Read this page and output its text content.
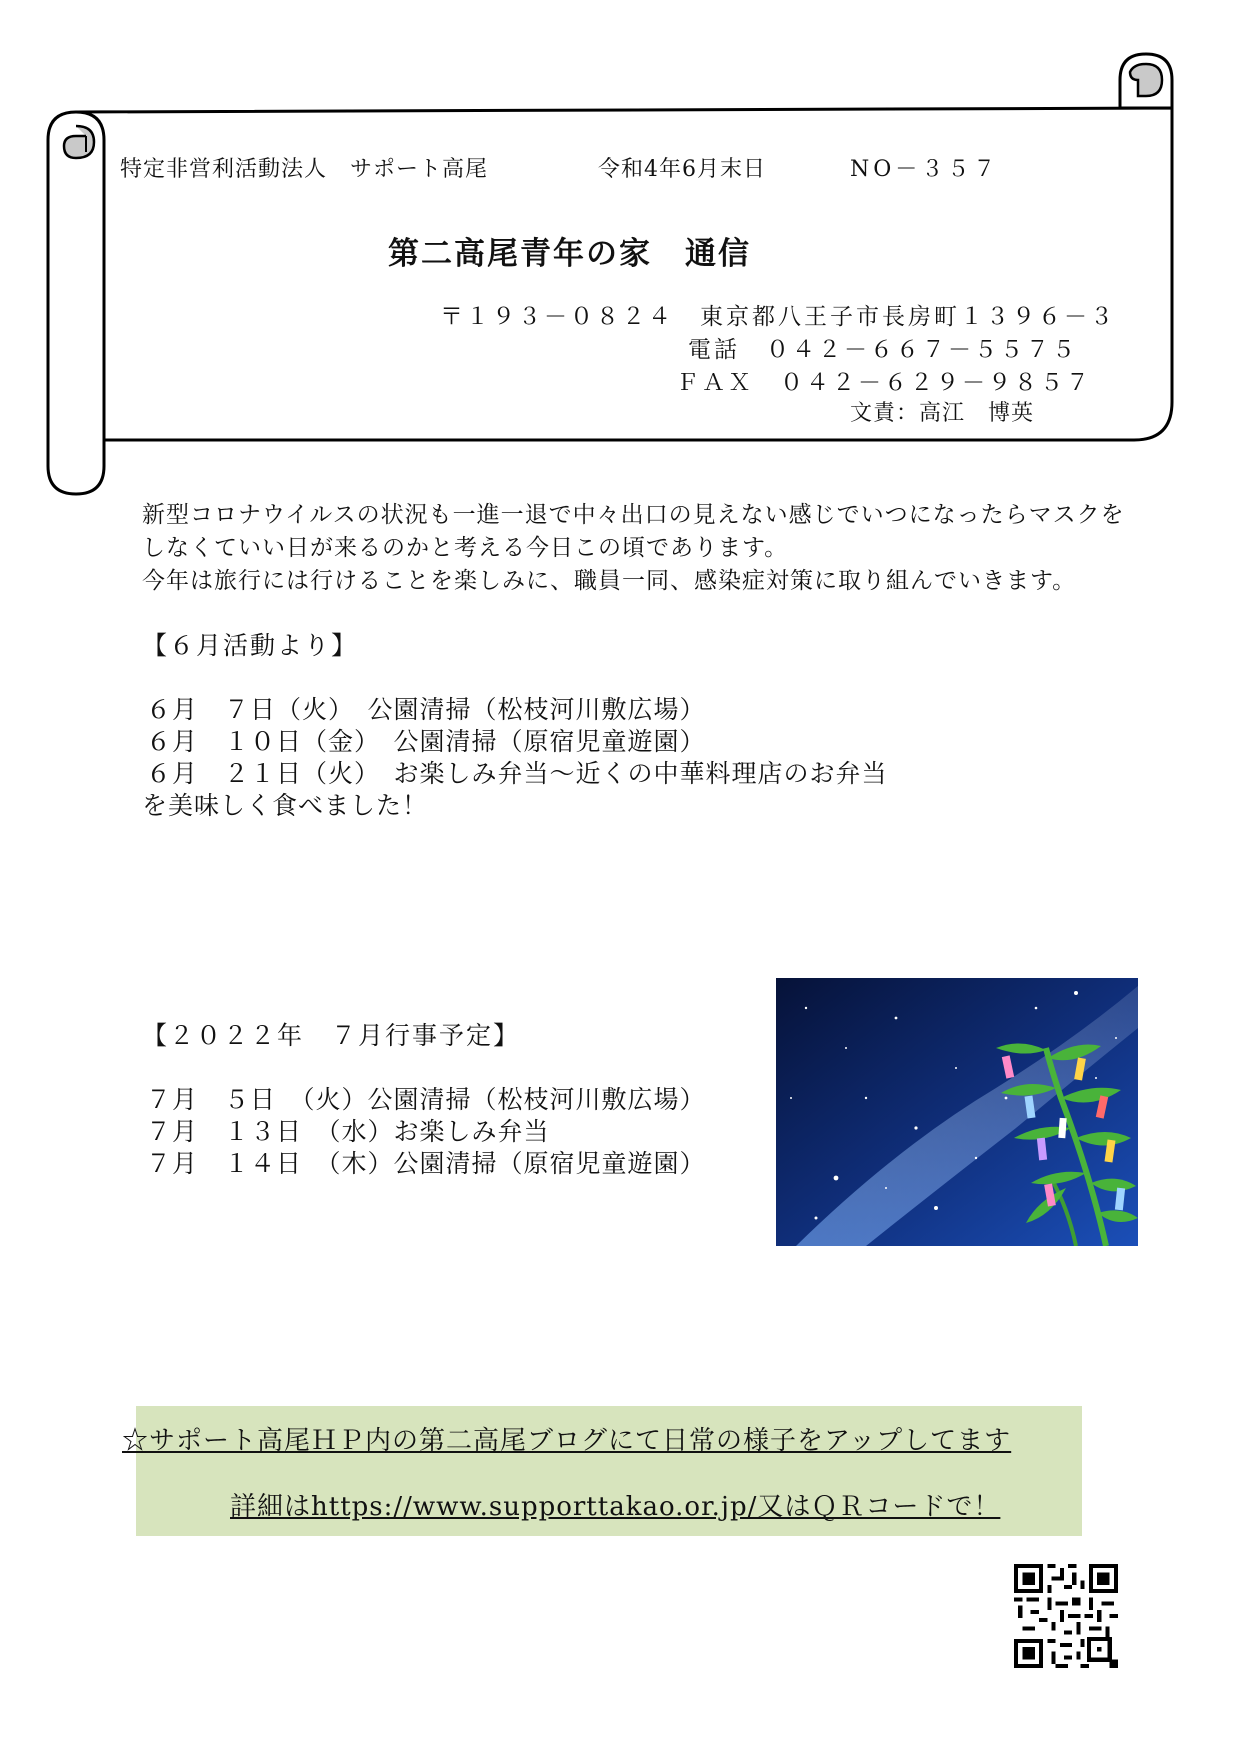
特定非営利活動法人　サポート高尾	令和4年6月末日	NO－３５７
第二高尾青年の家　通信
〒１９３－０８２４　東京都八王子市長房町１３９６－３
電話　０４２－６６７－５５７５
ＦＡＸ　０４２－６２９－９８５７
文責：高江　博英
新型コロナウイルスの状況も一進一退で中々出口の見えない感じでいつになったらマスクを
しなくていい日が来るのかと考える今日この頃であります。
今年は旅行には行けることを楽しみに、職員一同、感染症対策に取り組んでいきます。
【６月活動より】
６月　７日（火）　公園清掃（松枝河川敷広場）
６月　１０日（金）　公園清掃（原宿児童遊園）
６月　２１日（火）　お楽しみ弁当～近くの中華料理店のお弁当
を美味しく食べました！
【２０２２年　７月行事予定】
７月　５日　（火）公園清掃（松枝河川敷広場）
７月　１３日　（水）お楽しみ弁当
７月　１４日　（木）公園清掃（原宿児童遊園）
☆サポート高尾ＨＰ内の第二高尾ブログにて日常の様子をアップしてます
詳細はhttps://www.supporttakao.or.jp/又はＱＲコードで！
